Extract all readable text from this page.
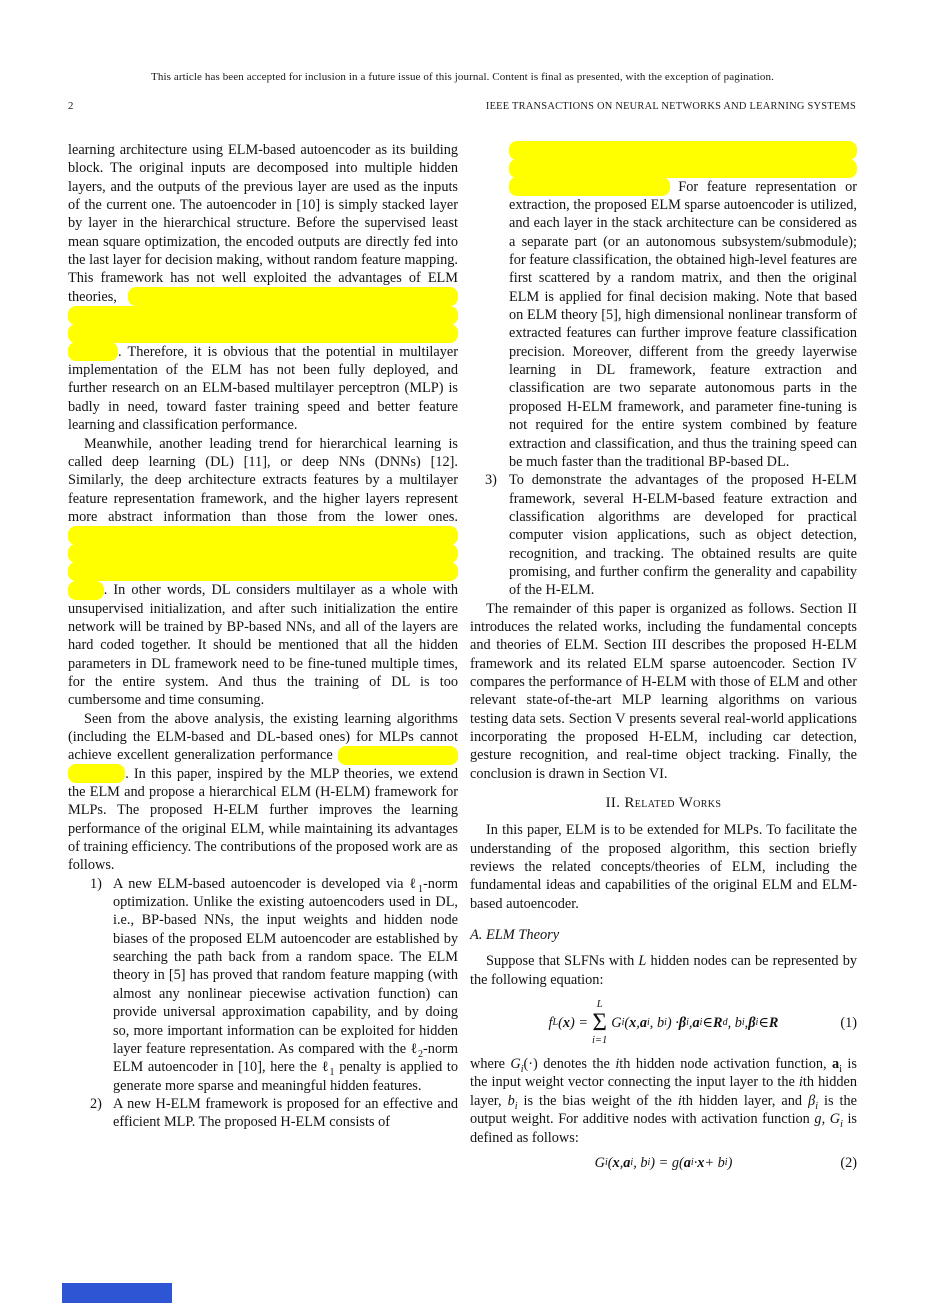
This article has been accepted for inclusion in a future issue of this journal. Content is final as presented, with the exception of pagination.
2	IEEE TRANSACTIONS ON NEURAL NETWORKS AND LEARNING SYSTEMS

learning architecture using ELM-based autoencoder as its building block. The original inputs are decomposed into multiple hidden layers, and the outputs of the previous layer are used as the inputs of the current one. The autoencoder in [10] is simply stacked layer by layer in the hierarchical structure. Before the supervised least mean square optimization, the encoded outputs are directly fed into the last layer for decision making, without random feature mapping. This framework has not well exploited the advantages of ELM theories, . Therefore, it is obvious that the potential in multilayer implementation of the ELM has not been fully deployed, and further research on an ELM-based multilayer perceptron (MLP) is badly in need, toward faster training speed and better feature learning and classification performance.

Meanwhile, another leading trend for hierarchical learning is called deep learning (DL) [11], or deep NNs (DNNs) [12]. Similarly, the deep architecture extracts features by a multilayer feature representation framework, and the higher layers represent more abstract information than those from the lower ones. . In other words, DL considers multilayer as a whole with unsupervised initialization, and after such initialization the entire network will be trained by BP-based NNs, and all of the layers are hard coded together. It should be mentioned that all the hidden parameters in DL framework need to be fine-tuned multiple times, for the entire system. And thus the training of DL is too cumbersome and time consuming.

Seen from the above analysis, the existing learning algorithms (including the ELM-based and DL-based ones) for MLPs cannot achieve excellent generalization performance . In this paper, inspired by the MLP theories, we extend the ELM and propose a hierarchical ELM (H-ELM) framework for MLPs. The proposed H-ELM further improves the learning performance of the original ELM, while maintaining its advantages of training efficiency. The contributions of the proposed work are as follows.

1) A new ELM-based autoencoder is developed via ℓ$_1$-norm optimization. Unlike the existing autoencoders used in DL, i.e., BP-based NNs, the input weights and hidden node biases of the proposed ELM autoencoder are established by searching the path back from a random space. The ELM theory in [5] has proved that random feature mapping (with almost any nonlinear piecewise activation function) can provide universal approximation capability, and by doing so, more important information can be exploited for hidden layer feature representation. As compared with the ℓ$_2$-norm ELM autoencoder in [10], here the ℓ$_1$ penalty is applied to generate more sparse and meaningful hidden features.
2) A new H-ELM framework is proposed for an effective and efficient MLP. The proposed H-ELM consists of
For feature representation or extraction, the proposed ELM sparse autoencoder is utilized, and each layer in the stack architecture can be considered as a separate part (or an autonomous subsystem/submodule); for feature classification, the obtained high-level features are first scattered by a random matrix, and then the original ELM is applied for final decision making. Note that based on ELM theory [5], high dimensional nonlinear transform of extracted features can further improve feature classification precision. Moreover, different from the greedy layerwise learning in DL framework, feature extraction and classification are two separate autonomous parts in the proposed H-ELM framework, and parameter fine-tuning is not required for the entire system combined by feature extraction and classification, and thus the training speed can be much faster than the traditional BP-based DL.
3) To demonstrate the advantages of the proposed H-ELM framework, several H-ELM-based feature extraction and classification algorithms are developed for practical computer vision applications, such as object detection, recognition, and tracking. The obtained results are quite promising, and further confirm the generality and capability of the H-ELM.

The remainder of this paper is organized as follows. Section II introduces the related works, including the fundamental concepts and theories of ELM. Section III describes the proposed H-ELM framework and its related ELM sparse autoencoder. Section IV compares the performance of H-ELM with those of ELM and other relevant state-of-the-art MLP learning algorithms on various testing data sets. Section V presents several real-world applications incorporating the proposed H-ELM, including car detection, gesture recognition, and real-time object tracking. Finally, the conclusion is drawn in Section VI.

II. Related Works

In this paper, ELM is to be extended for MLPs. To facilitate the understanding of the proposed algorithm, this section briefly reviews the related concepts/theories of ELM, including the fundamental ideas and capabilities of the original ELM and ELM-based autoencoder.

A. ELM Theory

Suppose that SLFNs with L hidden nodes can be represented by the following equation:

f L ( x ) =
L
Σ
i=1
G i ( x , a i , b i ) · β i , a i ∈ R d , b i , β i ∈ R	(1)

where $G_i(\cdot)$ denotes the ith hidden node activation function, $a_i$ is the input weight vector connecting the input layer to the ith hidden layer, $b_i$ is the bias weight of the ith hidden layer, and $\beta_i$ is the output weight. For additive nodes with activation function g, $G_i$ is defined as follows:

G i ( x , a i , b i ) = g( a i · x + b i )	(2)
